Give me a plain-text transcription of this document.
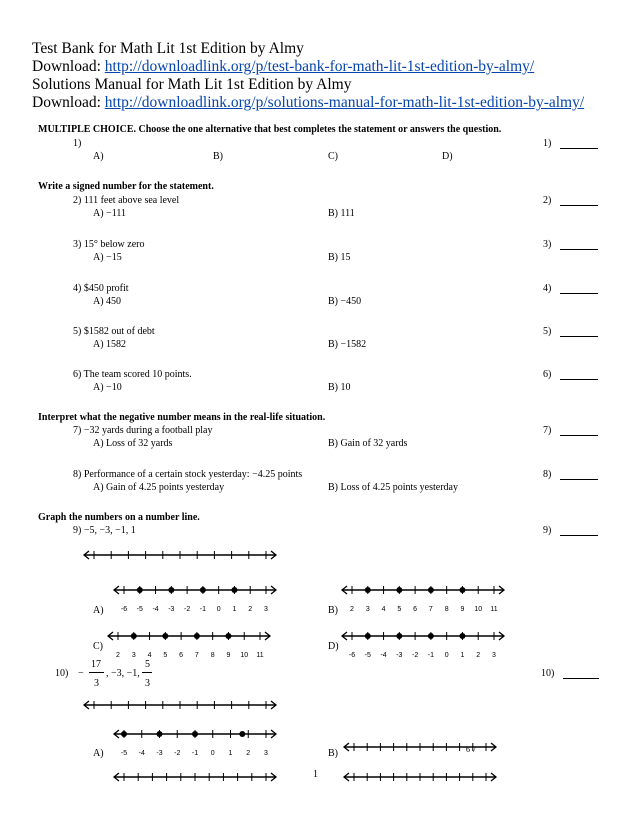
Test Bank for Math Lit 1st Edition by Almy
Download: http://downloadlink.org/p/test-bank-for-math-lit-1st-edition-by-almy/
Solutions Manual for Math Lit 1st Edition by Almy
Download: http://downloadlink.org/p/solutions-manual-for-math-lit-1st-edition-by-almy/
MULTIPLE CHOICE. Choose the one alternative that best completes the statement or answers the question.
1)
A)	B)	C)	D)
1)
Write a signed number for the statement.
2) 111 feet above sea level
A) −111	B) 111
2)
3) 15° below zero
A) −15	B) 15
3)
4) $450 profit
A) 450	B) −450
4)
5) $1582 out of debt
A) 1582	B) −1582
5)
6) The team scored 10 points.
A) −10	B) 10
6)
Interpret what the negative number means in the real-life situation.
7) −32 yards during a football play
A) Loss of 32 yards	B) Gain of 32 yards
7)
8) Performance of a certain stock yesterday: −4.25 points
A) Gain of 4.25 points yesterday	B) Loss of 4.25 points yesterday
8)
Graph the numbers on a number line.
9) −5, −3, −1, 1	9)
A) -6 -5 -4 -3 -2 -1 0 1 2 3	B) 2 3 4 5 6 7 8 9 10 11
C)
2 3 4 5 6 7 8 9 10 11
D)
-6 -5 -4 -3 -2 -1 0 1 2 3
10) −
17
3
, −3, −1,
5
3
10)
A) -5 -4 -3 -2 -1 0 1 2 3	B)	6 7
1
